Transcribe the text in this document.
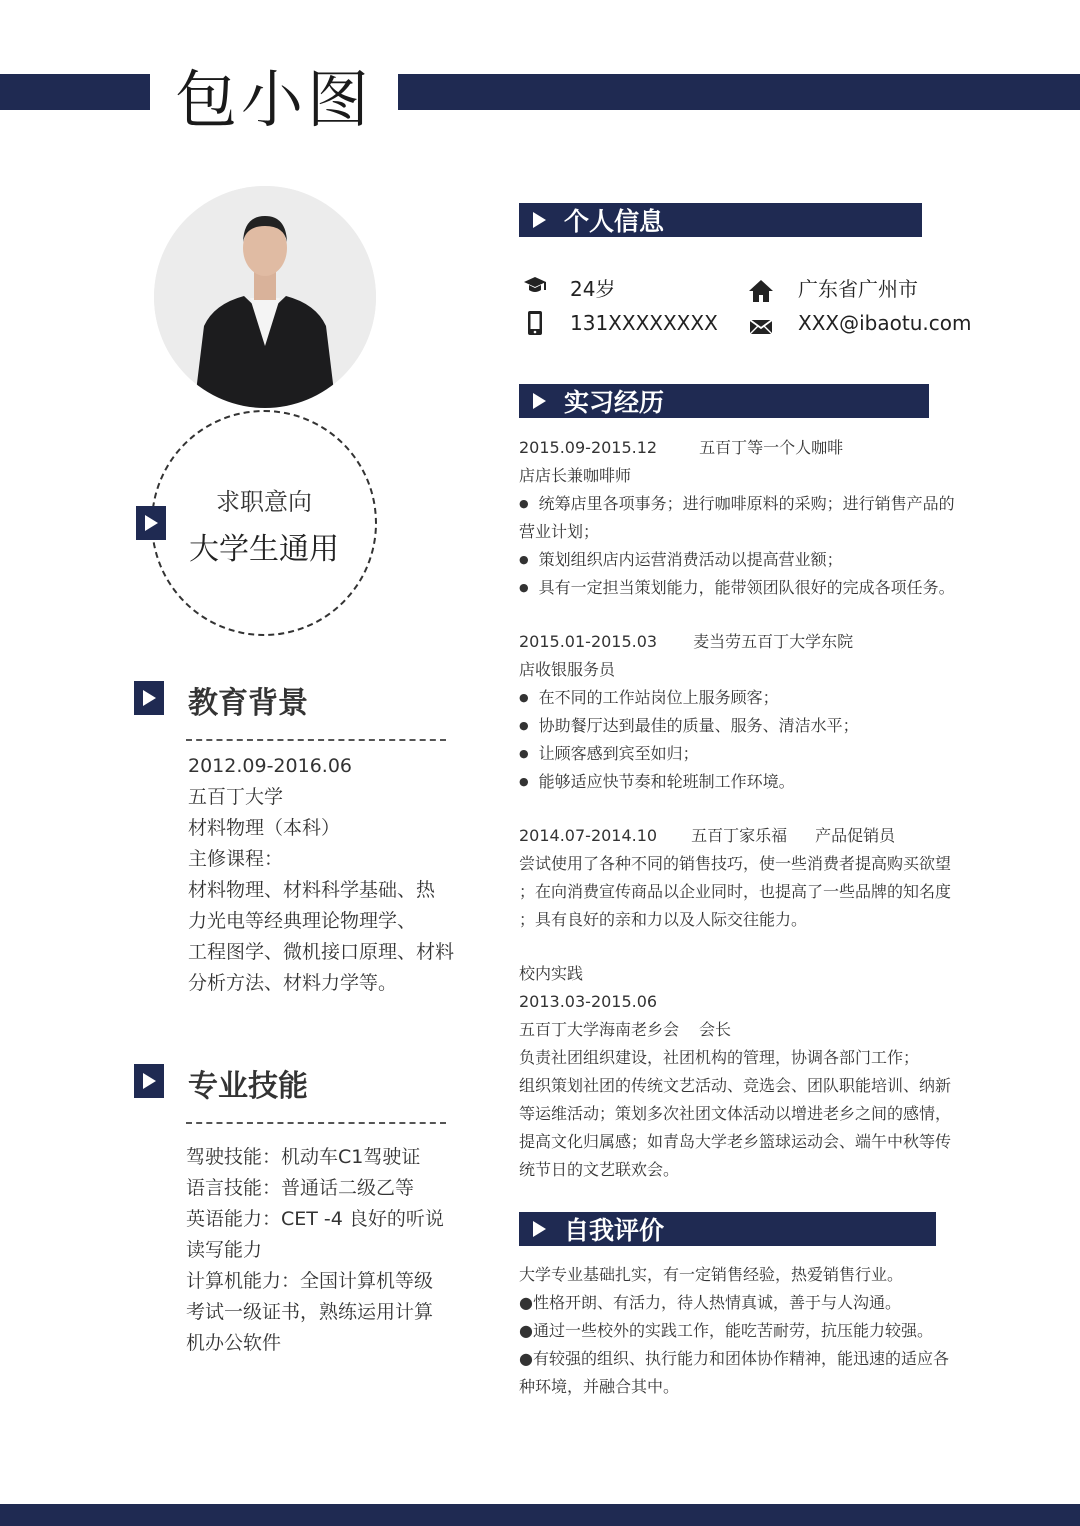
包小图
求职意向
大学生通用
教育背景
2012.09-2016.06
五百丁大学
材料物理（本科）
主修课程：
材料物理、材料科学基础、热
力光电等经典理论物理学、
工程图学、微机接口原理、材料
分析方法、材料力学等。
专业技能
驾驶技能：机动车C1驾驶证
语言技能：普通话二级乙等
英语能力：CET -4 良好的听说
读写能力
计算机能力：全国计算机等级
考试一级证书，熟练运用计算
机办公软件
个人信息
24岁	广东省广州市
131XXXXXXXX	XXX@ibaotu.com
实习经历
2015.09-2015.12	五百丁等一个人咖啡
店店长兼咖啡师
● 统筹店里各项事务；进行咖啡原料的采购；进行销售产品的
营业计划；
● 策划组织店内运营消费活动以提高营业额；
● 具有一定担当策划能力，能带领团队很好的完成各项任务。
2015.01-2015.03 麦当劳五百丁大学东院
店收银服务员
● 在不同的工作站岗位上服务顾客；
● 协助餐厅达到最佳的质量、服务、清洁水平；
● 让顾客感到宾至如归；
● 能够适应快节奏和轮班制工作环境。
2014.07-2014.10 五百丁家乐福 产品促销员
尝试使用了各种不同的销售技巧，使一些消费者提高购买欲望
；在向消费宣传商品以企业同时，也提高了一些品牌的知名度
；具有良好的亲和力以及人际交往能力。
校内实践
2013.03-2015.06
五百丁大学海南老乡会 会长
负责社团组织建设，社团机构的管理，协调各部门工作；
组织策划社团的传统文艺活动、竞选会、团队职能培训、纳新
等运维活动；策划多次社团文体活动以增进老乡之间的感情，
提高文化归属感；如青岛大学老乡篮球运动会、端午中秋等传
统节日的文艺联欢会。
自我评价
大学专业基础扎实，有一定销售经验，热爱销售行业。
●性格开朗、有活力，待人热情真诚，善于与人沟通。
●通过一些校外的实践工作，能吃苦耐劳，抗压能力较强。
●有较强的组织、执行能力和团体协作精神，能迅速的适应各
种环境，并融合其中。
